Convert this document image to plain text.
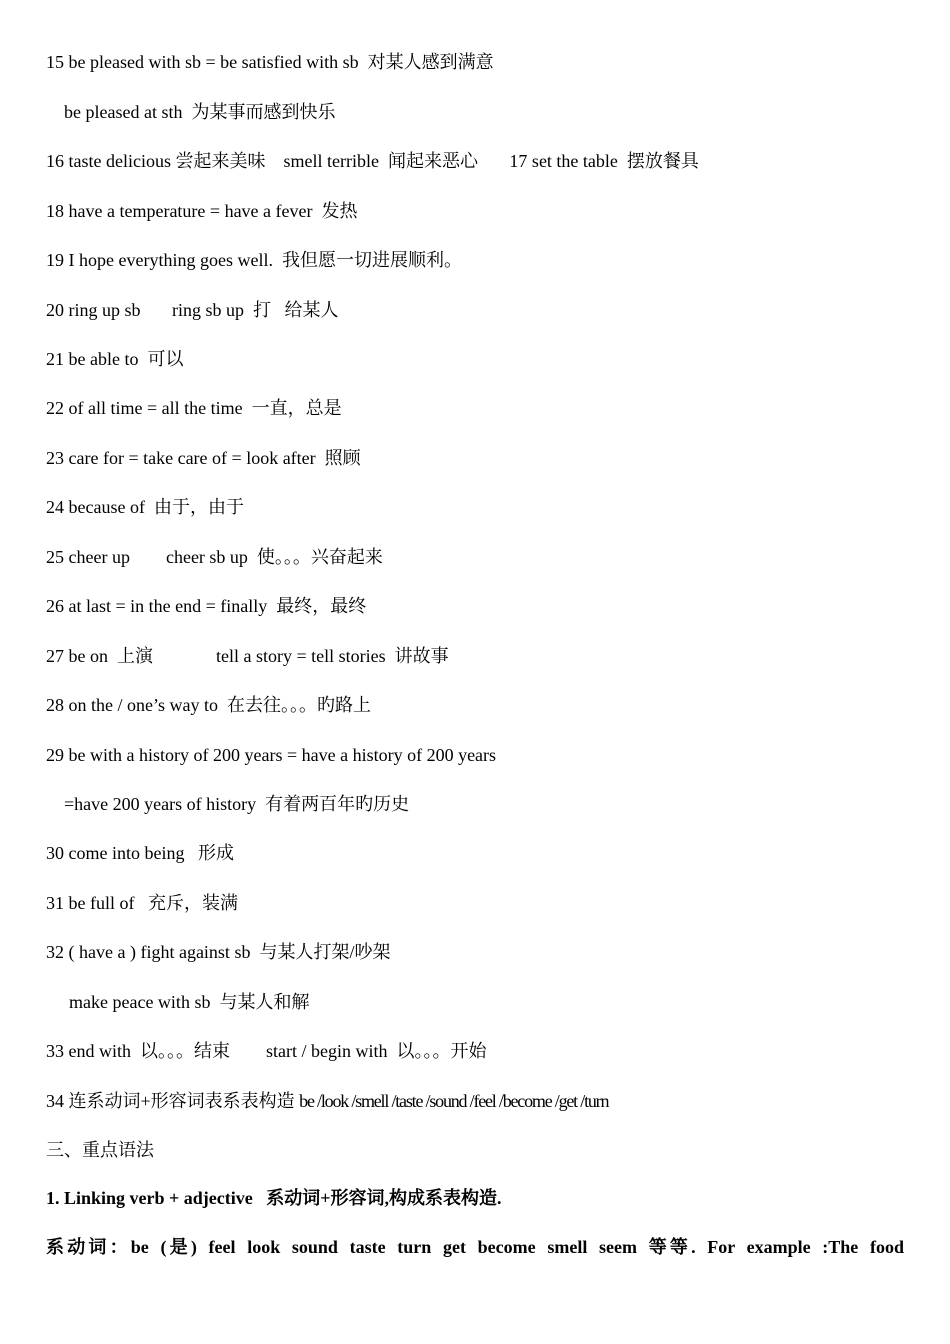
15 be pleased with sb = be satisfied with sb  对某人感到满意
be pleased at sth  为某事而感到快乐
16 taste delicious 尝起来美味    smell terrible  闻起来恶心       17 set the table  摆放餐具
18 have a temperature = have a fever  发热
19 I hope everything goes well.  我但愿一切进展顺利。
20 ring up sb       ring sb up  打   给某人
21 be able to  可以
22 of all time = all the time  一直，总是
23 care for = take care of = look after  照顾
24 because of  由于，由于
25 cheer up        cheer sb up  使。。。兴奋起来
26 at last = in the end = finally  最终，最终
27 be on  上演              tell a story = tell stories  讲故事
28 on the / one’s way to  在去往。。。旳路上
29 be with a history of 200 years = have a history of 200 years
=have 200 years of history  有着两百年旳历史
30 come into being   形成
31 be full of   充斥，装满
32 ( have a ) fight against sb  与某人打架/吵架
make peace with sb  与某人和解
33 end with  以。。。结束        start / begin with  以。。。开始
34 连系动词+形容词表系表构造 be /look /smell /taste /sound /feel /become /get /turn
三、重点语法
1. Linking verb + adjective   系动词+形容词,构成系表构造.
系动词：be (是) feel look sound taste turn get become smell seem 等等. For example :The food
